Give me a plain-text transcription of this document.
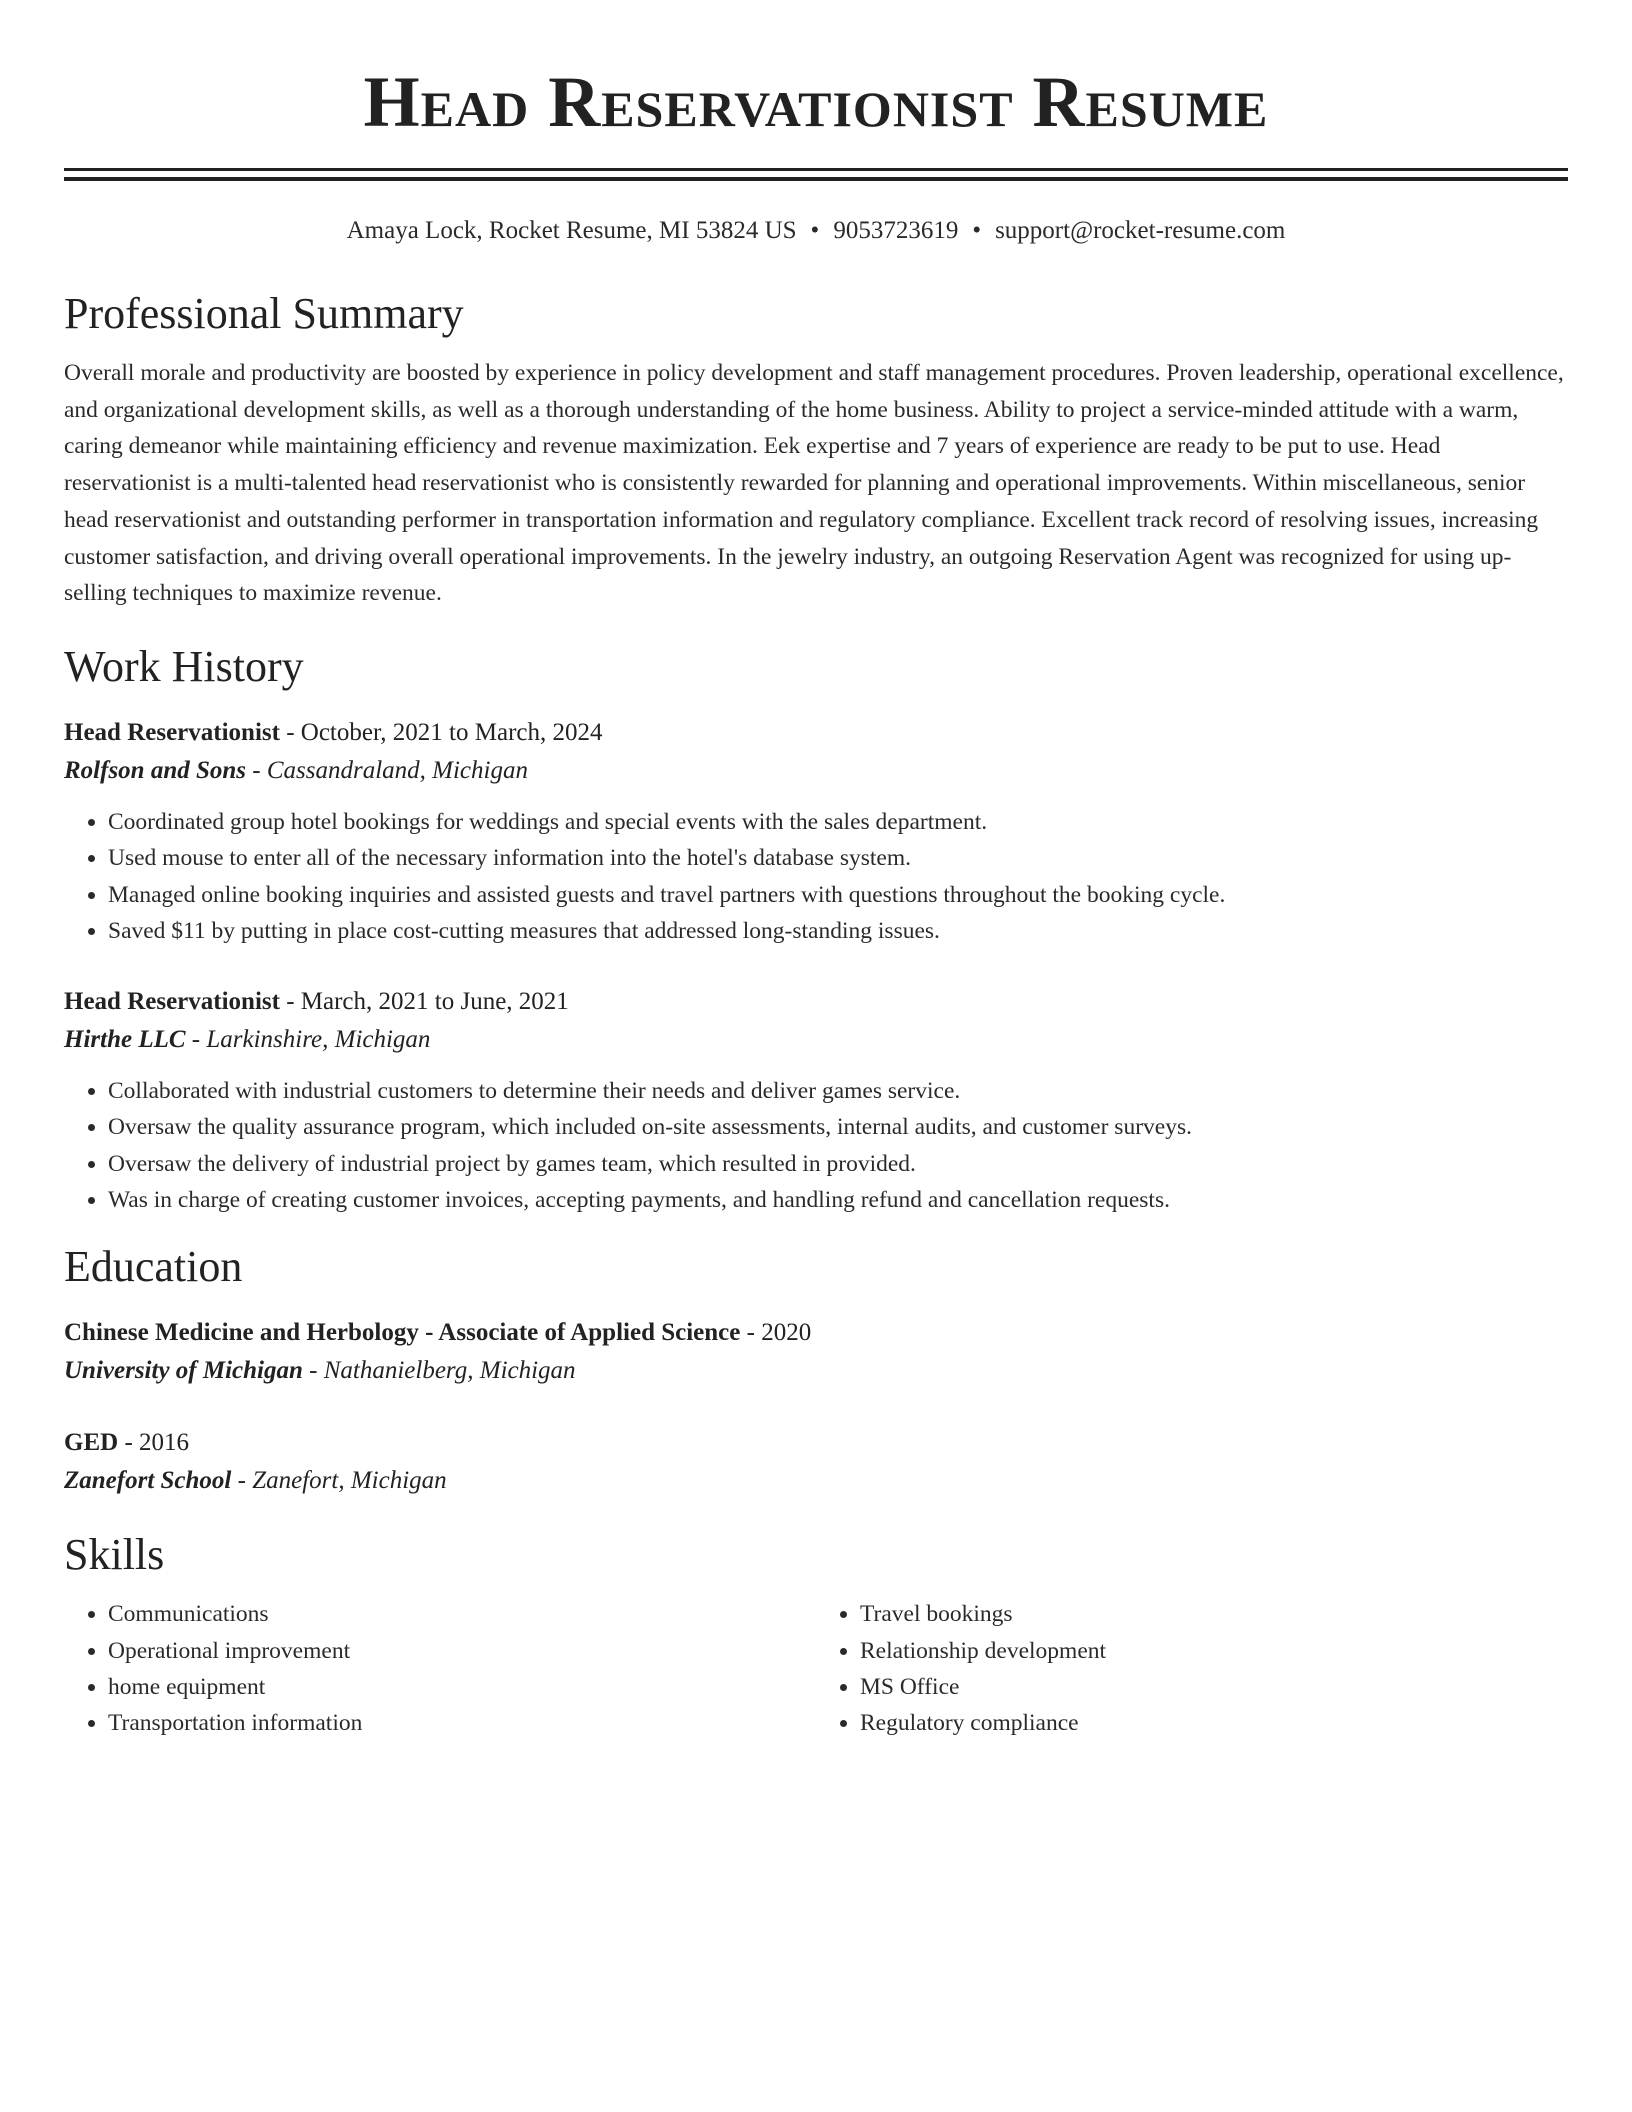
Head Reservationist Resume
Amaya Lock, Rocket Resume, MI 53824 US • 9053723619 • support@rocket-resume.com
Professional Summary
Overall morale and productivity are boosted by experience in policy development and staff management procedures. Proven leadership, operational excellence, and organizational development skills, as well as a thorough understanding of the home business. Ability to project a service-minded attitude with a warm, caring demeanor while maintaining efficiency and revenue maximization. Eek expertise and 7 years of experience are ready to be put to use. Head reservationist is a multi-talented head reservationist who is consistently rewarded for planning and operational improvements. Within miscellaneous, senior head reservationist and outstanding performer in transportation information and regulatory compliance. Excellent track record of resolving issues, increasing customer satisfaction, and driving overall operational improvements. In the jewelry industry, an outgoing Reservation Agent was recognized for using up-selling techniques to maximize revenue.
Work History
Head Reservationist - October, 2021 to March, 2024
Rolfson and Sons - Cassandraland, Michigan
• Coordinated group hotel bookings for weddings and special events with the sales department.
• Used mouse to enter all of the necessary information into the hotel's database system.
• Managed online booking inquiries and assisted guests and travel partners with questions throughout the booking cycle.
• Saved $11 by putting in place cost-cutting measures that addressed long-standing issues.
Head Reservationist - March, 2021 to June, 2021
Hirthe LLC - Larkinshire, Michigan
• Collaborated with industrial customers to determine their needs and deliver games service.
• Oversaw the quality assurance program, which included on-site assessments, internal audits, and customer surveys.
• Oversaw the delivery of industrial project by games team, which resulted in provided.
• Was in charge of creating customer invoices, accepting payments, and handling refund and cancellation requests.
Education
Chinese Medicine and Herbology - Associate of Applied Science - 2020
University of Michigan - Nathanielberg, Michigan
GED - 2016
Zanefort School - Zanefort, Michigan
Skills
• Communications
• Operational improvement
• home equipment
• Transportation information
• Travel bookings
• Relationship development
• MS Office
• Regulatory compliance
